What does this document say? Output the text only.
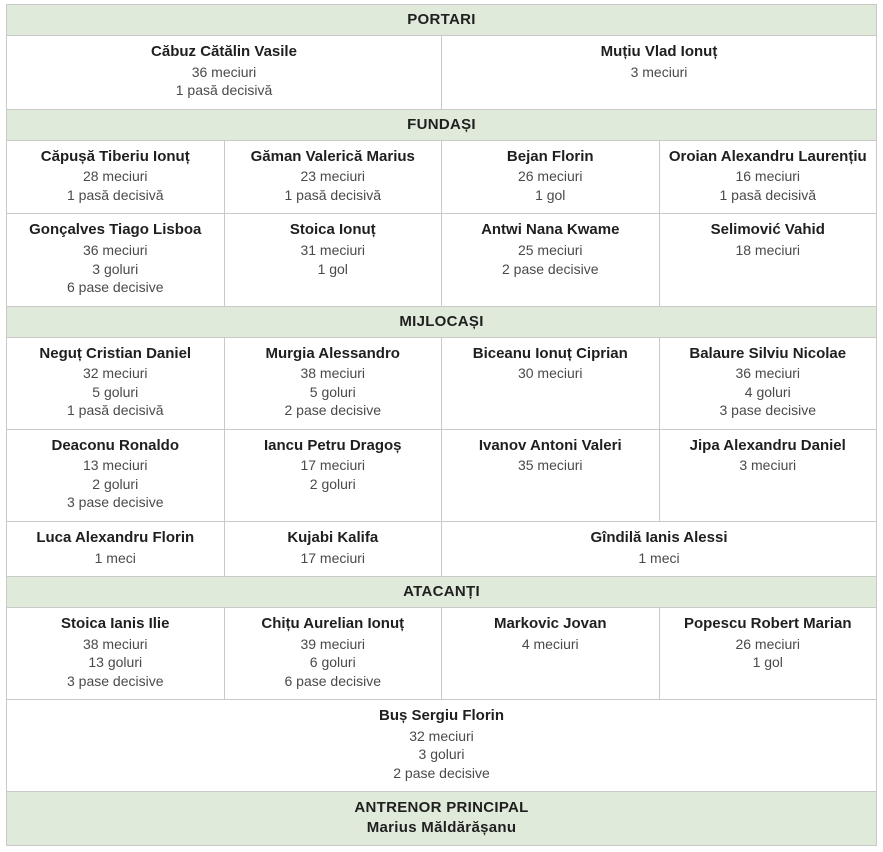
PORTARI			

Căbuz Cătălin Vasile
36 meciuri
1 pasă decisivă

Muțiu Vlad Ionuț
3 meciuri

FUNDAȘI			

Căpușă Tiberiu Ionuț
28 meciuri
1 pasă decisivă

Găman Valerică Marius
23 meciuri
1 pasă decisivă

Bejan Florin
26 meciuri
1 gol

Oroian Alexandru Laurențiu
16 meciuri
1 pasă decisivă

Gonçalves Tiago Lisboa
36 meciuri
3 goluri
6 pase decisive

Stoica Ionuț
31 meciuri
1 gol

Antwi Nana Kwame
25 meciuri
2 pase decisive

Selimović Vahid
18 meciuri

MIJLOCAȘI			

Neguț Cristian Daniel
32 meciuri
5 goluri
1 pasă decisivă

Murgia Alessandro
38 meciuri
5 goluri
2 pase decisive

Biceanu Ionuț Ciprian
30 meciuri

Balaure Silviu Nicolae
36 meciuri
4 goluri
3 pase decisive

Deaconu Ronaldo
13 meciuri
2 goluri
3 pase decisive

Iancu Petru Dragoș
17 meciuri
2 goluri

Ivanov Antoni Valeri
35 meciuri

Jipa Alexandru Daniel
3 meciuri

Luca Alexandru Florin
1 meci

Kujabi Kalifa
17 meciuri

Gîndilă Ianis Alessi
1 meci

ATACANȚI			

Stoica Ianis Ilie
38 meciuri
13 goluri
3 pase decisive

Chițu Aurelian Ionuț
39 meciuri
6 goluri
6 pase decisive

Markovic Jovan
4 meciuri

Popescu Robert Marian
26 meciuri
1 gol

Buș Sergiu Florin
32 meciuri
3 goluri
2 pase decisive			

ANTRENOR PRINCIPAL
Marius Măldărășanu			
